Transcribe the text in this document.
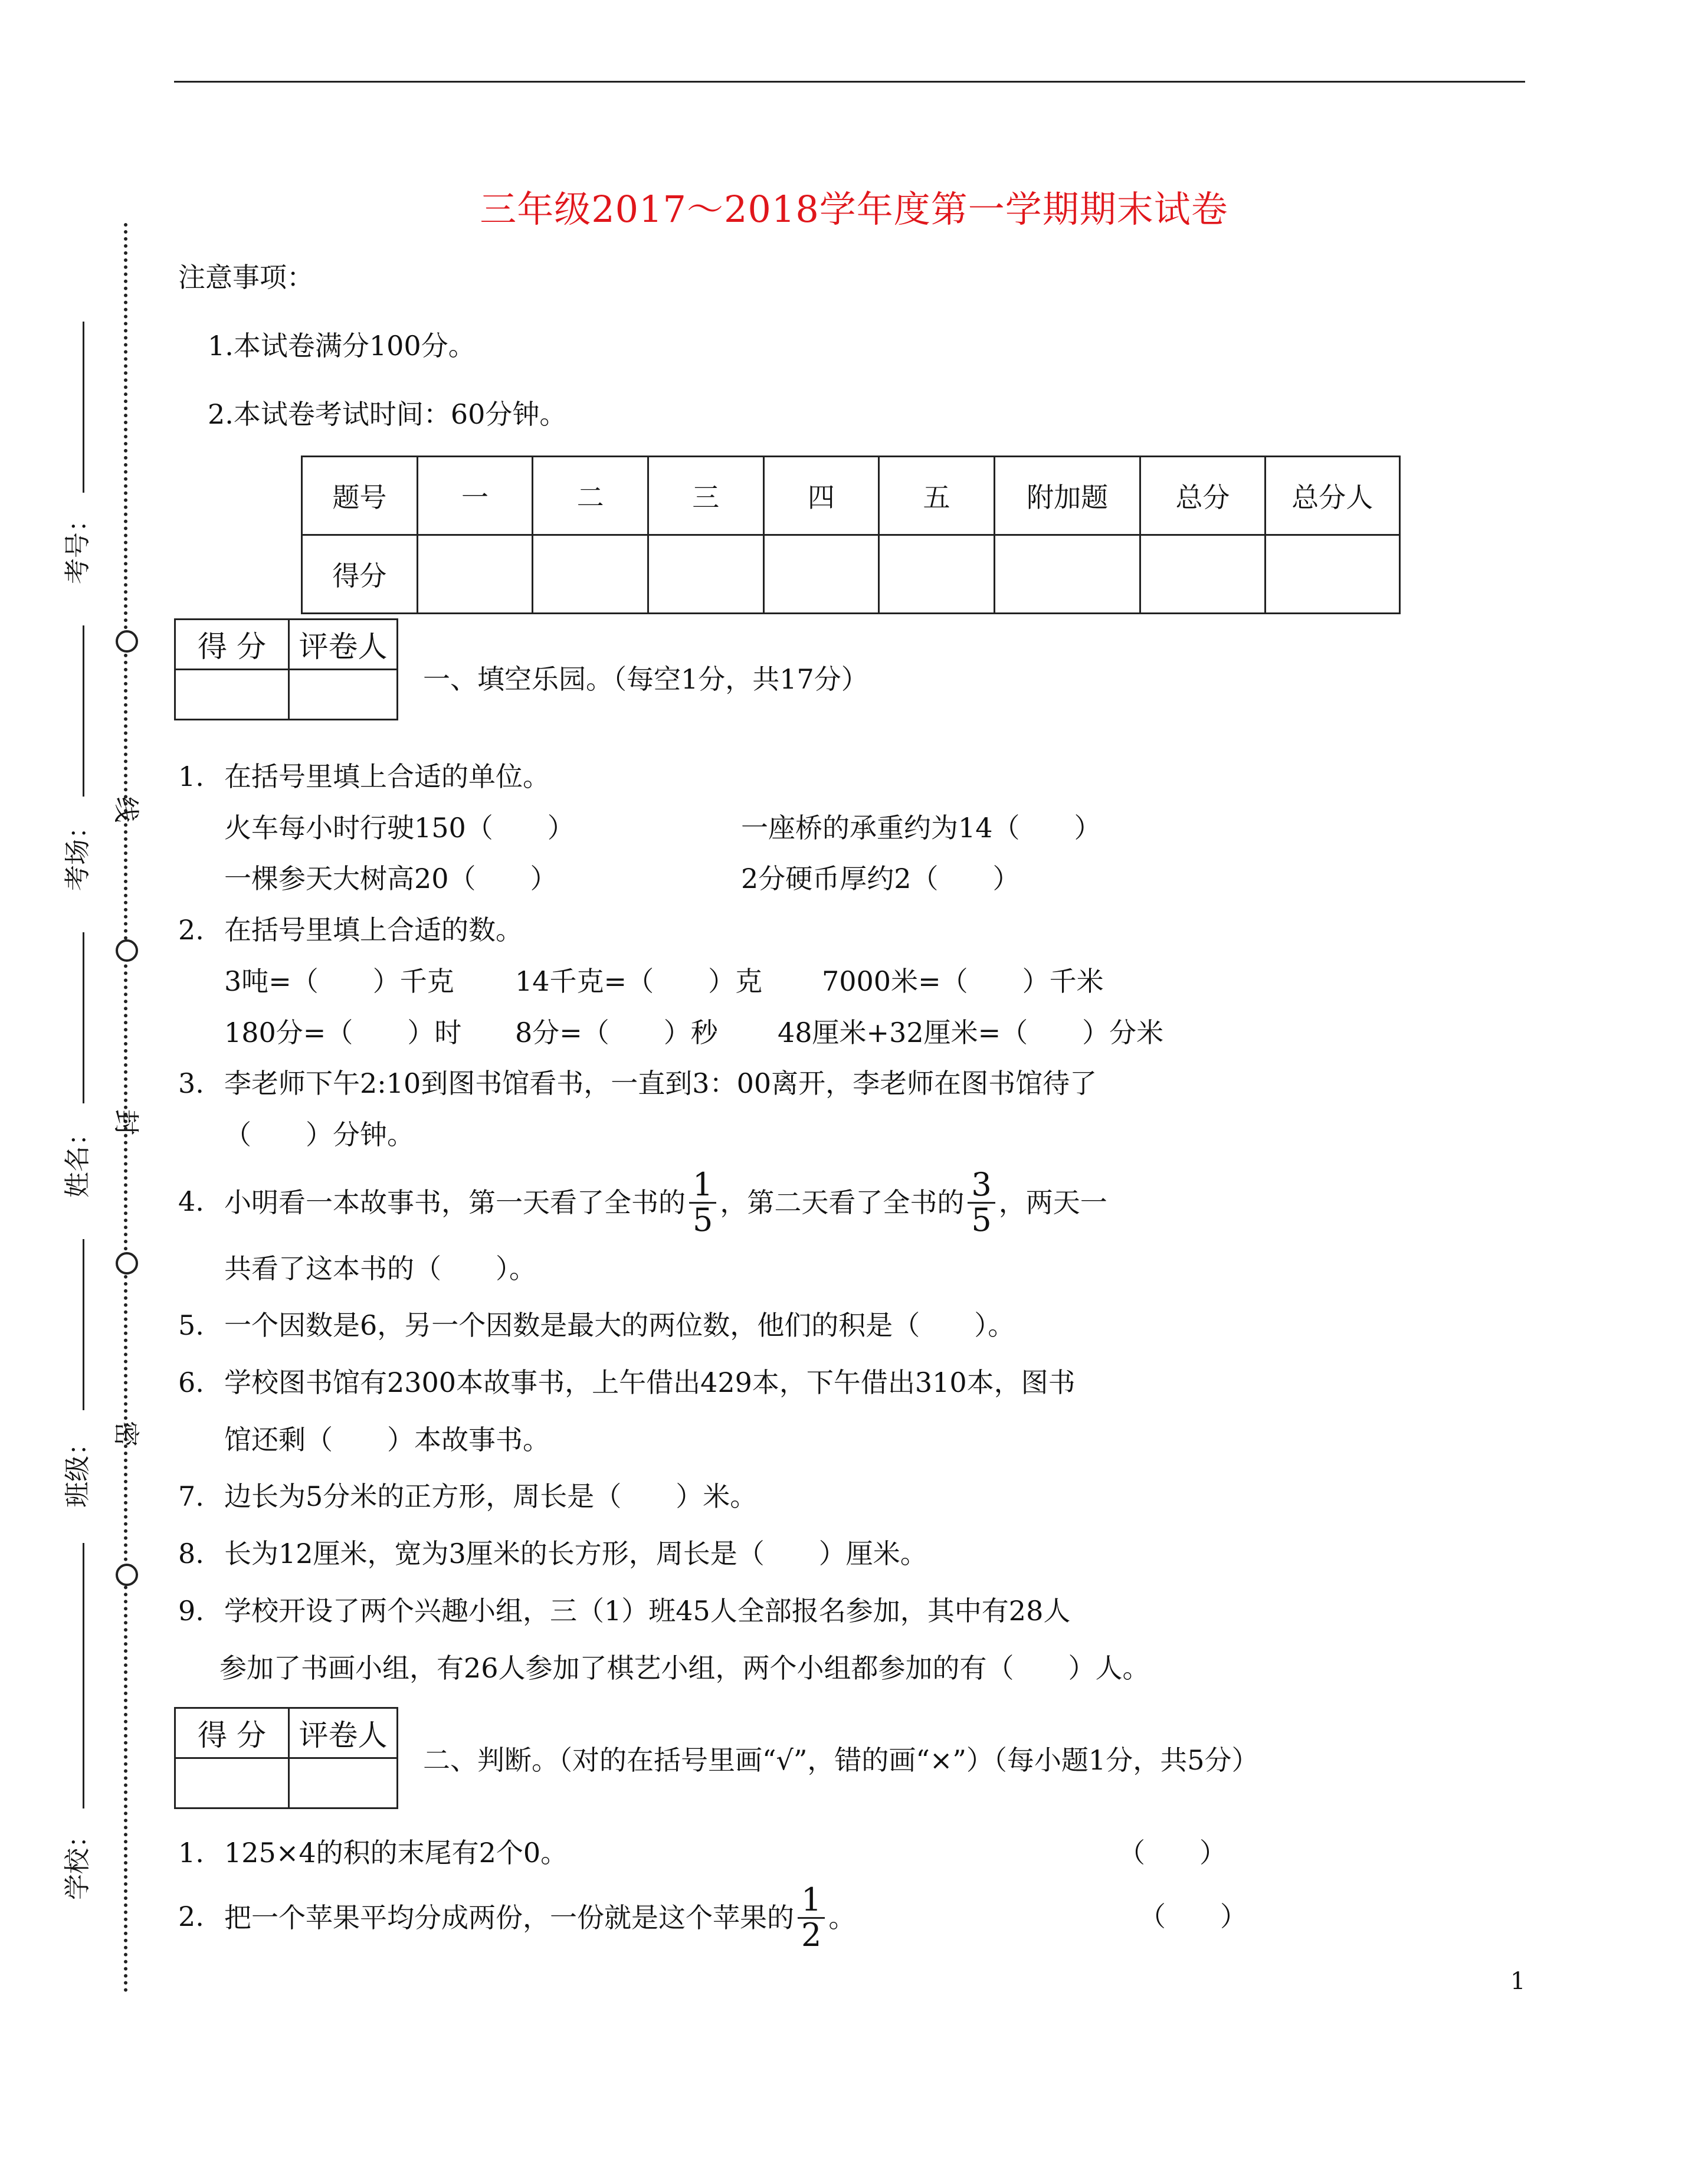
三年级2017～2018学年度第一学期期末试卷
线
封
密
考号：
考场：
姓名：
班级：
学校：
注意事项：
1.本试卷满分100分。
2.本试卷考试时间：60分钟。
题号	一	二	三	四	五	附加题	总分	总分人
得分								
得 分	评卷人

一、填空乐园。（每空1分，共17分）
1. 在括号里填上合适的单位。
火车每小时行驶150（　　）	一座桥的承重约为14（　　）
一棵参天大树高20（　　）	2分硬币厚约2（　　）
2. 在括号里填上合适的数。
3吨=（　　）千克 14千克=（　　）克 7000米=（　　）千米
180分=（　　）时 8分=（　　）秒 48厘米+32厘米=（　　）分米
3. 李老师下午2:10到图书馆看书，一直到3：00离开，李老师在图书馆待了
（　　）分钟。
4. 小明看一本故事书，第一天看了全书的 $\frac{1}{5}$ ，第二天看了全书的 $\frac{3}{5}$ ，两天一
共看了这本书的（　　）。
5. 一个因数是6，另一个因数是最大的两位数，他们的积是（　　）。
6. 学校图书馆有2300本故事书，上午借出429本，下午借出310本，图书
馆还剩（　　）本故事书。
7. 边长为5分米的正方形，周长是（　　）米。
8. 长为12厘米，宽为3厘米的长方形，周长是（　　）厘米。
9. 学校开设了两个兴趣小组，三（1）班45人全部报名参加，其中有28人
参加了书画小组，有26人参加了棋艺小组，两个小组都参加的有（　　）人。
得 分	评卷人

二、判断。（对的在括号里画“√”，错的画“×”）（每小题1分，共5分）
1. 125×4的积的末尾有2个0。	（　　）
2. 把一个苹果平均分成两份，一份就是这个苹果的 $\frac{1}{2}$ 。	（　　）
1
